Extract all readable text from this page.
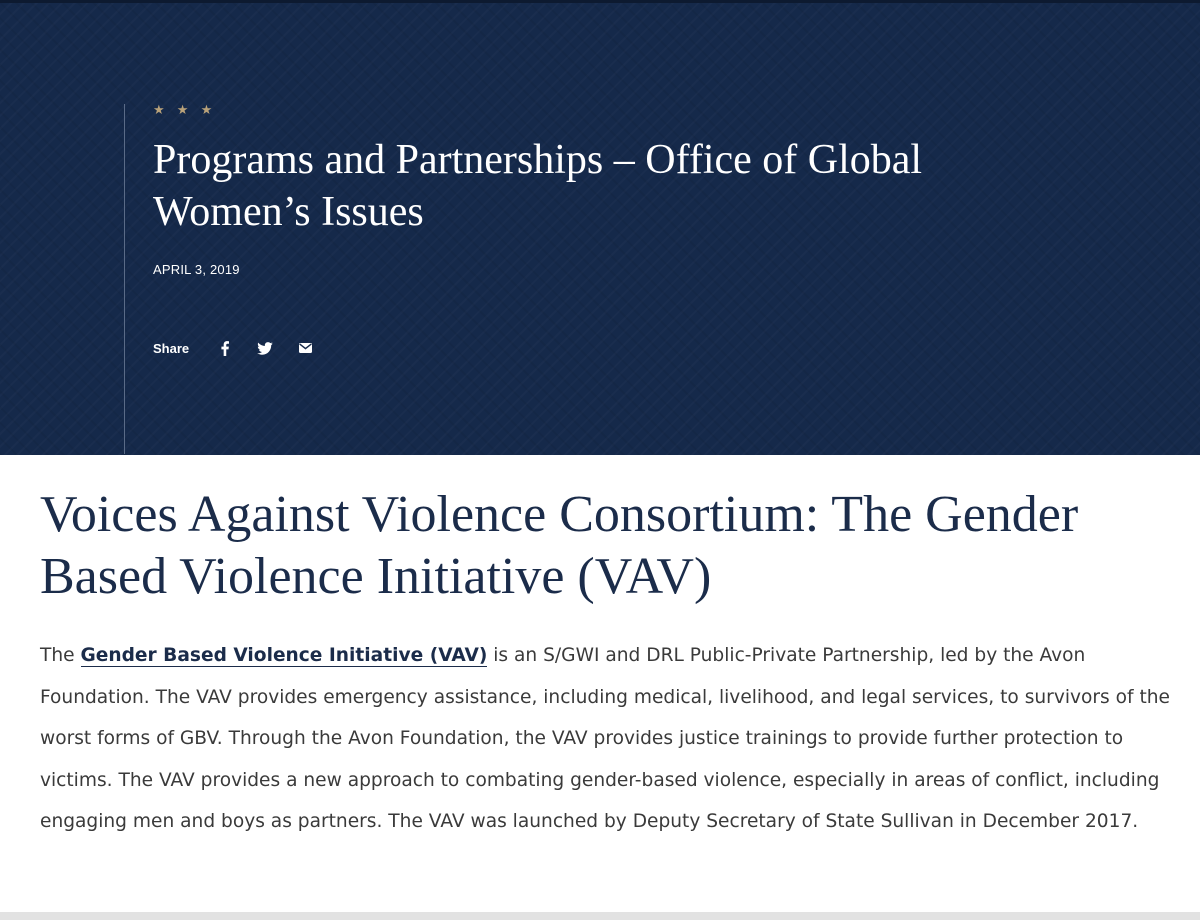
★ ★ ★
Programs and Partnerships – Office of Global Women’s Issues
APRIL 3, 2019
Share
Voices Against Violence Consortium: The Gender Based Violence Initiative (VAV)

The Gender Based Violence Initiative (VAV) is an S/GWI and DRL Public-Private Partnership, led by the Avon Foundation. The VAV provides emergency assistance, including medical, livelihood, and legal services, to survivors of the worst forms of GBV. Through the Avon Foundation, the VAV provides justice trainings to provide further protection to victims. The VAV provides a new approach to combating gender-based violence, especially in areas of conflict, including engaging men and boys as partners. The VAV was launched by Deputy Secretary of State Sullivan in December 2017.
